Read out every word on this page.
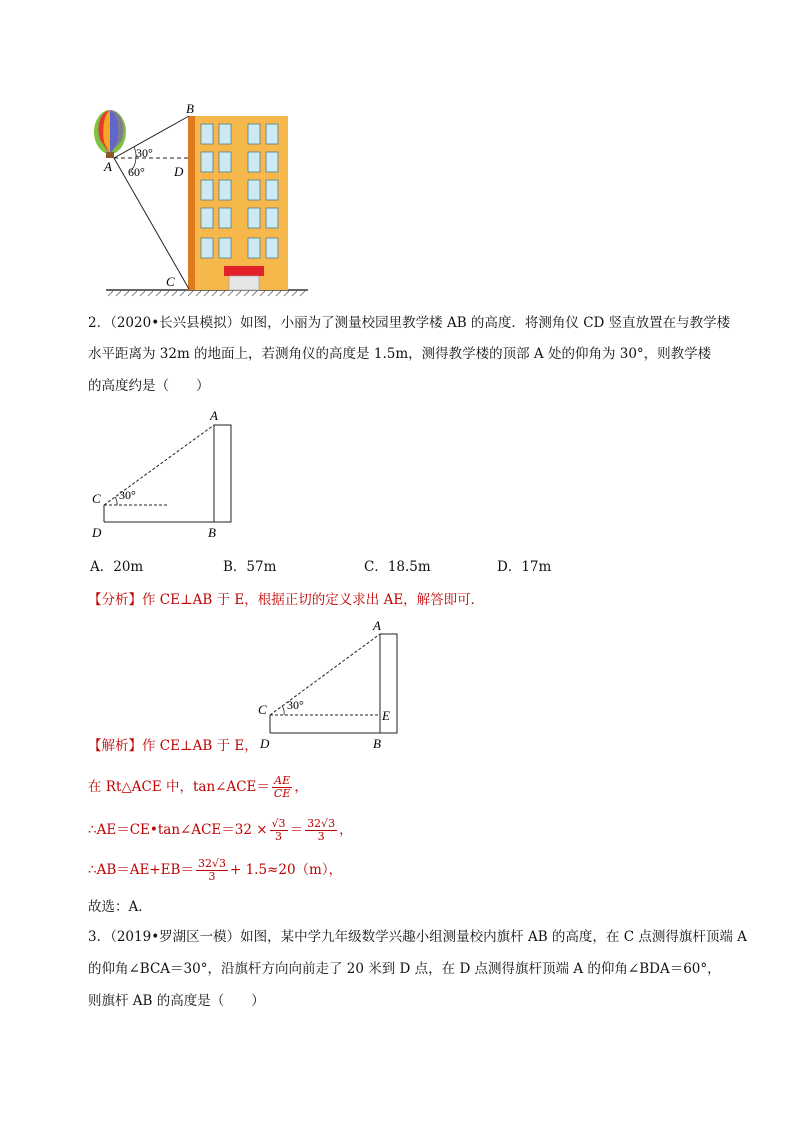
B
A	D
C
30°
60°
2．（2020•长兴县模拟）如图，小丽为了测量校园里教学楼 AB 的高度．将测角仪 CD 竖直放置在与教学楼
水平距离为 32m 的地面上，若测角仪的高度是 1.5m，测得教学楼的顶部 A 处的仰角为 30°，则教学楼
的高度约是（　　）
A
C
D	B
30°
A．20m	B．57m	C．18.5m	D．17m
【分析】作 CE⊥AB 于 E，根据正切的定义求出 AE，解答即可．
A
C
D	B
E
30°
【解析】作 CE⊥AB 于 E，
在 Rt△ACE 中，tan∠ACE＝ $\frac{AE}{CE}$ ，
∴AE＝CE•tan∠ACE＝32 × $\frac{√3}{3} = \frac{32√3}{3}$ ，
∴AB＝AE+EB＝ $\frac{32√3}{3} + 1.5\approx 20(m)$，
故选：A．
3．（2019•罗湖区一模）如图，某中学九年级数学兴趣小组测量校内旗杆 AB 的高度，在 C 点测得旗杆顶端 A
的仰角∠BCA＝30°，沿旗杆方向向前走了 20 米到 D 点，在 D 点测得旗杆顶端 A 的仰角∠BDA＝60°，
则旗杆 AB 的高度是（　　）
